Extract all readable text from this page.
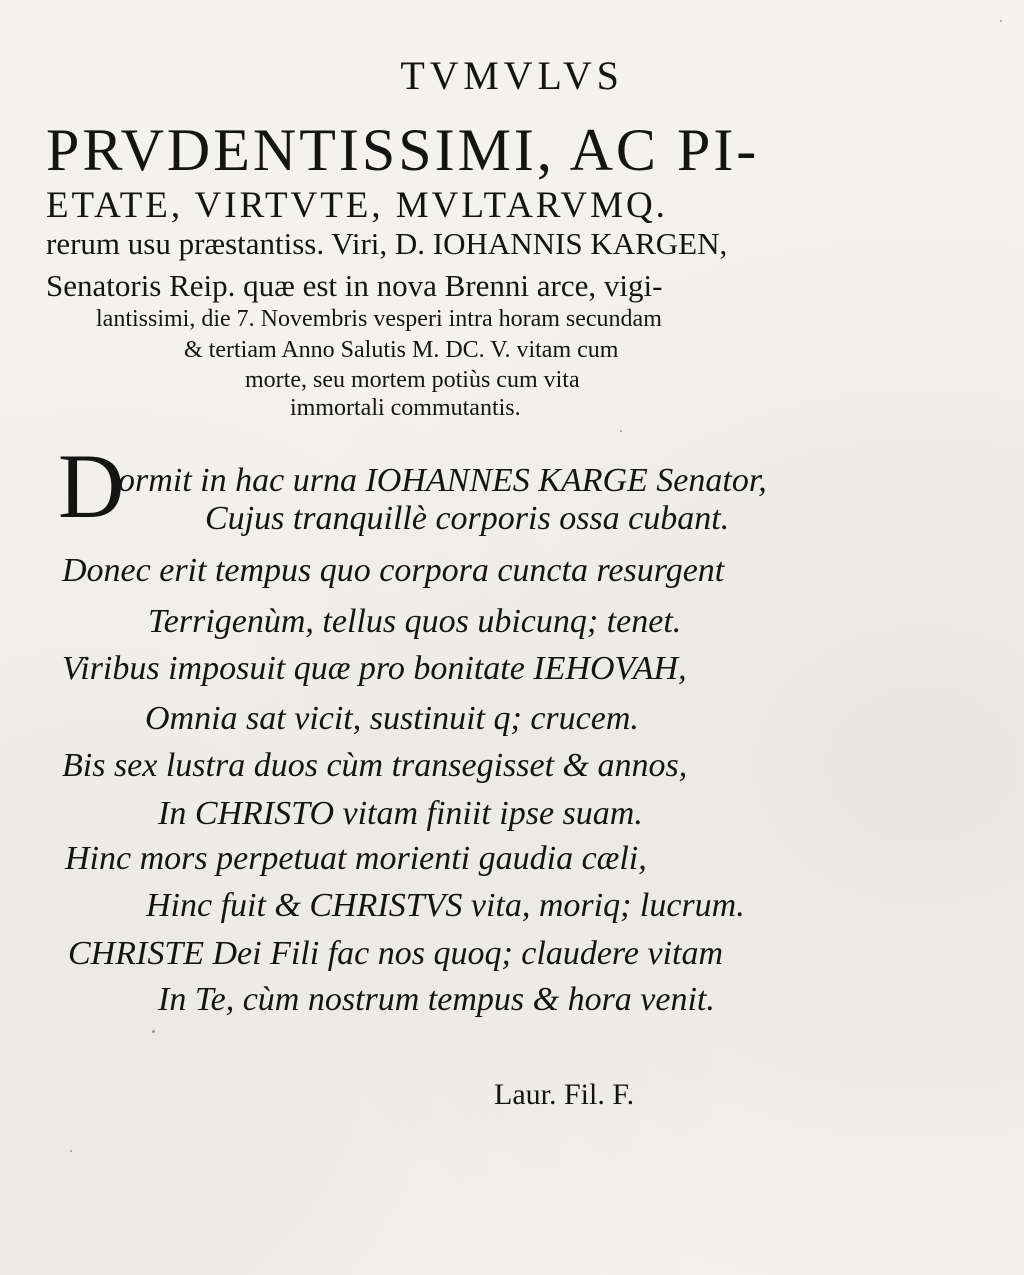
TVMVLVS
PRVDENTISSIMI, AC PI-
ETATE, VIRTVTE, MVLTARVMQ.
rerum usu præstantiss. Viri, D. IOHANNIS KARGEN,
Senatoris Reip. quæ est in nova Brenni arce, vigi-
lantissimi, die 7. Novembris vesperi intra horam secundam
& tertiam Anno Salutis M. DC. V. vitam cum
morte, seu mortem potiùs cum vita
immortali commutantis.
D
ormit in hac urna IOHANNES KARGE Senator,
Cujus tranquillè corporis ossa cubant.
Donec erit tempus quo corpora cuncta resurgent
Terrigenùm, tellus quos ubicunq; tenet.
Viribus imposuit quæ pro bonitate IEHOVAH,
Omnia sat vicit, sustinuit q; crucem.
Bis sex lustra duos cùm transegisset & annos,
In CHRISTO vitam finiit ipse suam.
Hinc mors perpetuat morienti gaudia cæli,
Hinc fuit & CHRISTVS vita, moriq; lucrum.
CHRISTE Dei Fili fac nos quoq; claudere vitam
In Te, cùm nostrum tempus & hora venit.
Laur. Fil. F.
